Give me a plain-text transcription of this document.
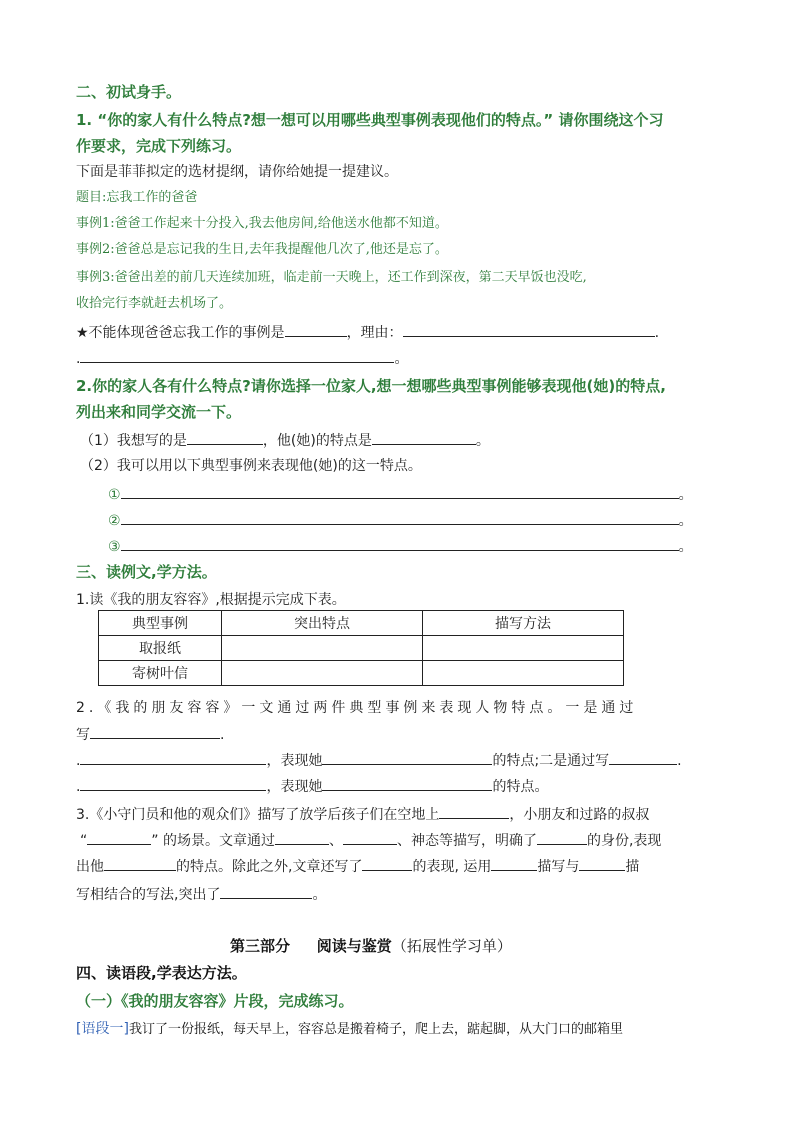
二、初试身手。
1. “你的家人有什么特点?想一想可以用哪些典型事例表现他们的特点。” 请你围绕这个习
作要求，完成下列练习。
下面是菲菲拟定的选材提纲，请你给她提一提建议。
题目:忘我工作的爸爸
事例1:爸爸工作起来十分投入,我去他房间,给他送水他都不知道。
事例2:爸爸总是忘记我的生日,去年我提醒他几次了,他还是忘了。
事例3:爸爸出差的前几天连续加班，临走前一天晚上，还工作到深夜，第二天早饭也没吃,
收拾完行李就赶去机场了。
★不能体现爸爸忘我工作的事例是	，理由：	.
.	。
2.你的家人各有什么特点?请你选择一位家人,想一想哪些典型事例能够表现他(她)的特点,
列出来和同学交流一下。
（1）我想写的是	，他(她)的特点是	。
（2）我可以用以下典型事例来表现他(她)的这一特点。
①	。
②	。
③	。
三、读例文,学方法。
1.读《我的朋友容容》,根据提示完成下表。
典型事例	突出特点	描写方法
取报纸		
寄树叶信		
2.《我的朋友容容》一文通过两件典型事例来表现人物特点。一是通过
写	.
.	，表现她	的特点;二是通过写	.
.	，表现她	的特点。
3.《小守门员和他的观众们》描写了放学后孩子们在空地上	，小朋友和过路的叔叔
“	” 的场景。文章通过	、	、神态等描写，明确了	的身份,表现
出他	的特点。除此之外,文章还写了	的表现, 运用	描写与	描
写相结合的写法,突出了	。
第三部分 阅读与鉴赏（拓展性学习单）
四、读语段,学表达方法。
（一）《我的朋友容容》片段，完成练习。
[语段一]我订了一份报纸，每天早上，容容总是搬着椅子，爬上去，踮起脚，从大门口的邮箱里
